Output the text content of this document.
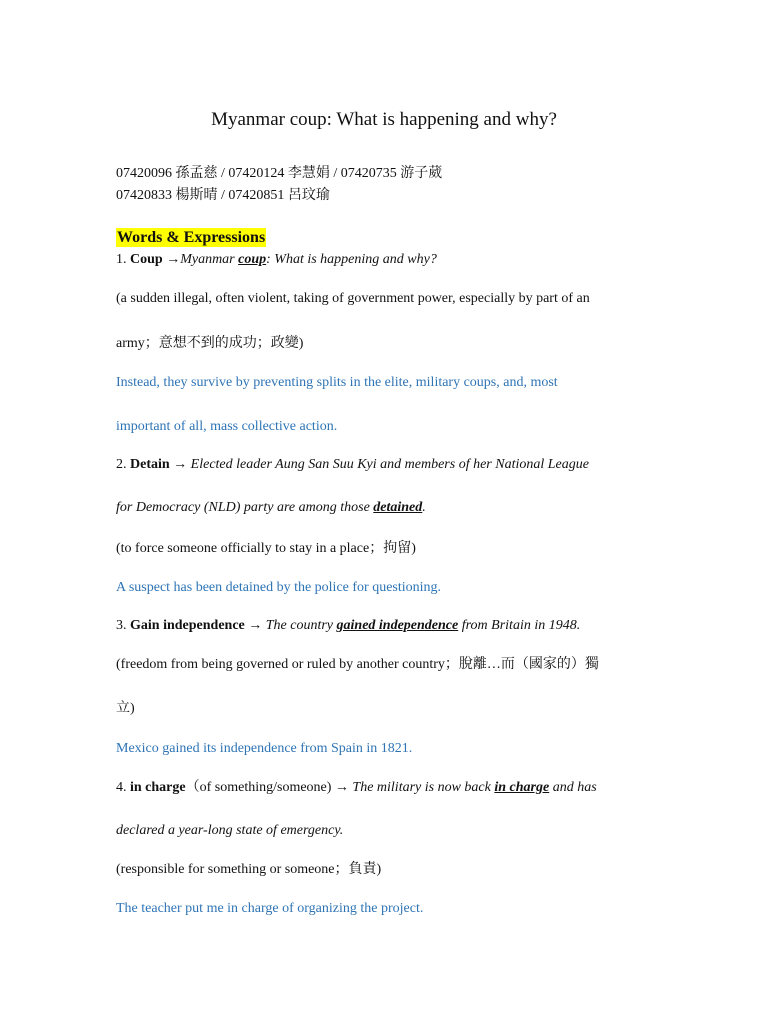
Myanmar coup: What is happening and why?
07420096 孫孟慈 / 07420124 李慧娟 / 07420735 游子葳
07420833 楊斯晴 / 07420851 呂玟瑜
Words & Expressions
1. Coup →Myanmar coup: What is happening and why?
(a sudden illegal, often violent, taking of government power, especially by part of an
army；意想不到的成功；政變)
Instead, they survive by preventing splits in the elite, military coups, and, most
important of all, mass collective action.
2. Detain → Elected leader Aung San Suu Kyi and members of her National League
for Democracy (NLD) party are among those detained.
(to force someone officially to stay in a place；拘留)
A suspect has been detained by the police for questioning.
3. Gain independence → The country gained independence from Britain in 1948.
(freedom from being governed or ruled by another country；脫離…而（國家的）獨
立)
Mexico gained its independence from Spain in 1821.
4. in charge（of something/someone) → The military is now back in charge and has
declared a year-long state of emergency.
(responsible for something or someone；負責)
The teacher put me in charge of organizing the project.
